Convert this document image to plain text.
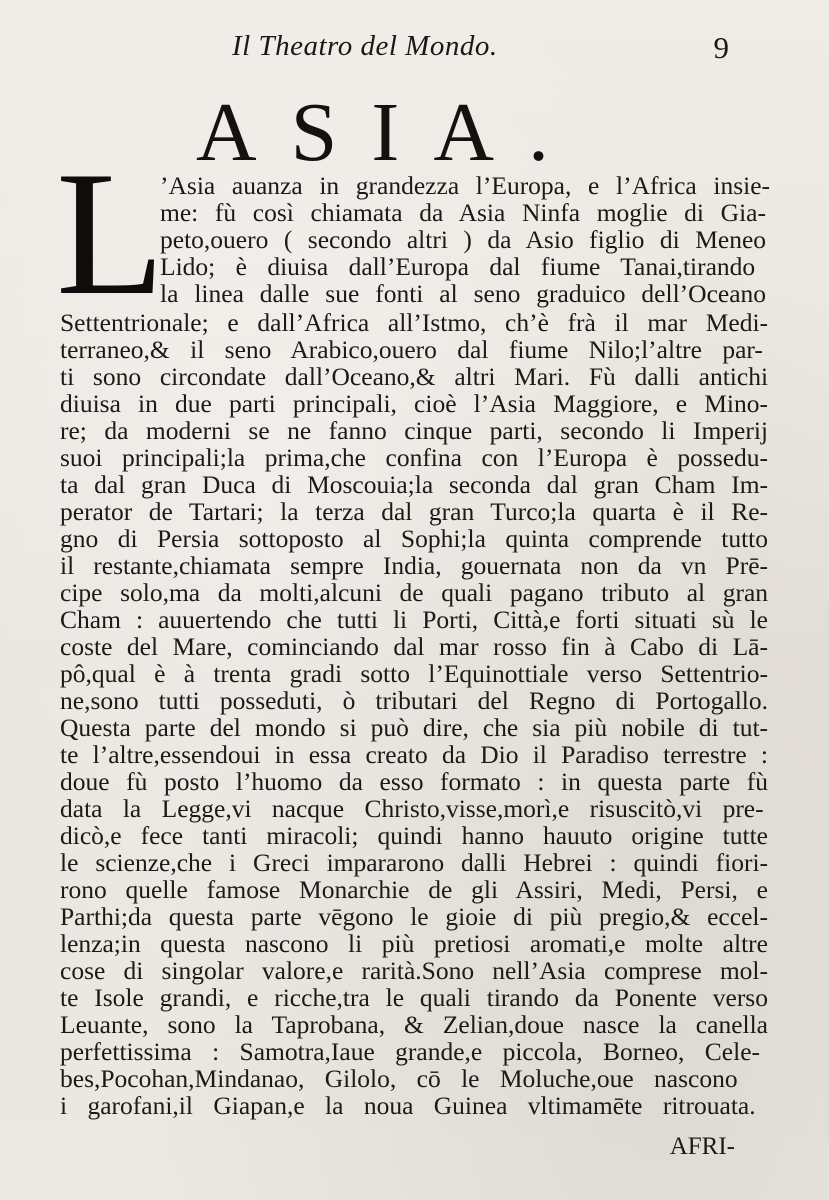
Il Theatro del Mondo.	9
ASIA.
L
’Asia auanza in grandezza l’Europa, e l’Africa insie-
me: fù così chiamata da Asia Ninfa moglie di Gia-
peto,ouero ( secondo altri ) da Asio figlio di Meneo
Lido; è diuisa dall’Europa dal fiume Tanai,tirando
la linea dalle sue fonti al seno graduico dell’Oceano
Settentrionale; e dall’Africa all’Istmo, ch’è frà il mar Medi-
terraneo,& il seno Arabico,ouero dal fiume Nilo;l’altre par-
ti sono circondate dall’Oceano,& altri Mari. Fù dalli antichi
diuisa in due parti principali, cioè l’Asia Maggiore, e Mino-
re; da moderni se ne fanno cinque parti, secondo li Imperij
suoi principali;la prima,che confina con l’Europa è possedu-
ta dal gran Duca di Moscouia;la seconda dal gran Cham Im-
perator de Tartari; la terza dal gran Turco;la quarta è il Re-
gno di Persia sottoposto al Sophi;la quinta comprende tutto
il restante,chiamata sempre India, gouernata non da vn Prē-
cipe solo,ma da molti,alcuni de quali pagano tributo al gran
Cham : auuertendo che tutti li Porti, Città,e forti situati sù le
coste del Mare, cominciando dal mar rosso fin à Cabo di Lā-
pô,qual è à trenta gradi sotto l’Equinottiale verso Settentrio-
ne,sono tutti posseduti, ò tributari del Regno di Portogallo.
Questa parte del mondo si può dire, che sia più nobile di tut-
te l’altre,essendoui in essa creato da Dio il Paradiso terrestre :
doue fù posto l’huomo da esso formato : in questa parte fù
data la Legge,vi nacque Christo,visse,morì,e risuscitò,vi pre-
dicò,e fece tanti miracoli; quindi hanno hauuto origine tutte
le scienze,che i Greci impararono dalli Hebrei : quindi fiori-
rono quelle famose Monarchie de gli Assiri, Medi, Persi, e
Parthi;da questa parte vēgono le gioie di più pregio,& eccel-
lenza;in questa nascono li più pretiosi aromati,e molte altre
cose di singolar valore,e rarità.Sono nell’Asia comprese mol-
te Isole grandi, e ricche,tra le quali tirando da Ponente verso
Leuante, sono la Taprobana, & Zelian,doue nasce la canella
perfettissima : Samotra,Iaue grande,e piccola, Borneo, Cele-
bes,Pocohan,Mindanao, Gilolo, cō le Moluche,oue nascono
i garofani,il Giapan,e la noua Guinea vltimamēte ritrouata.
AFRI-
